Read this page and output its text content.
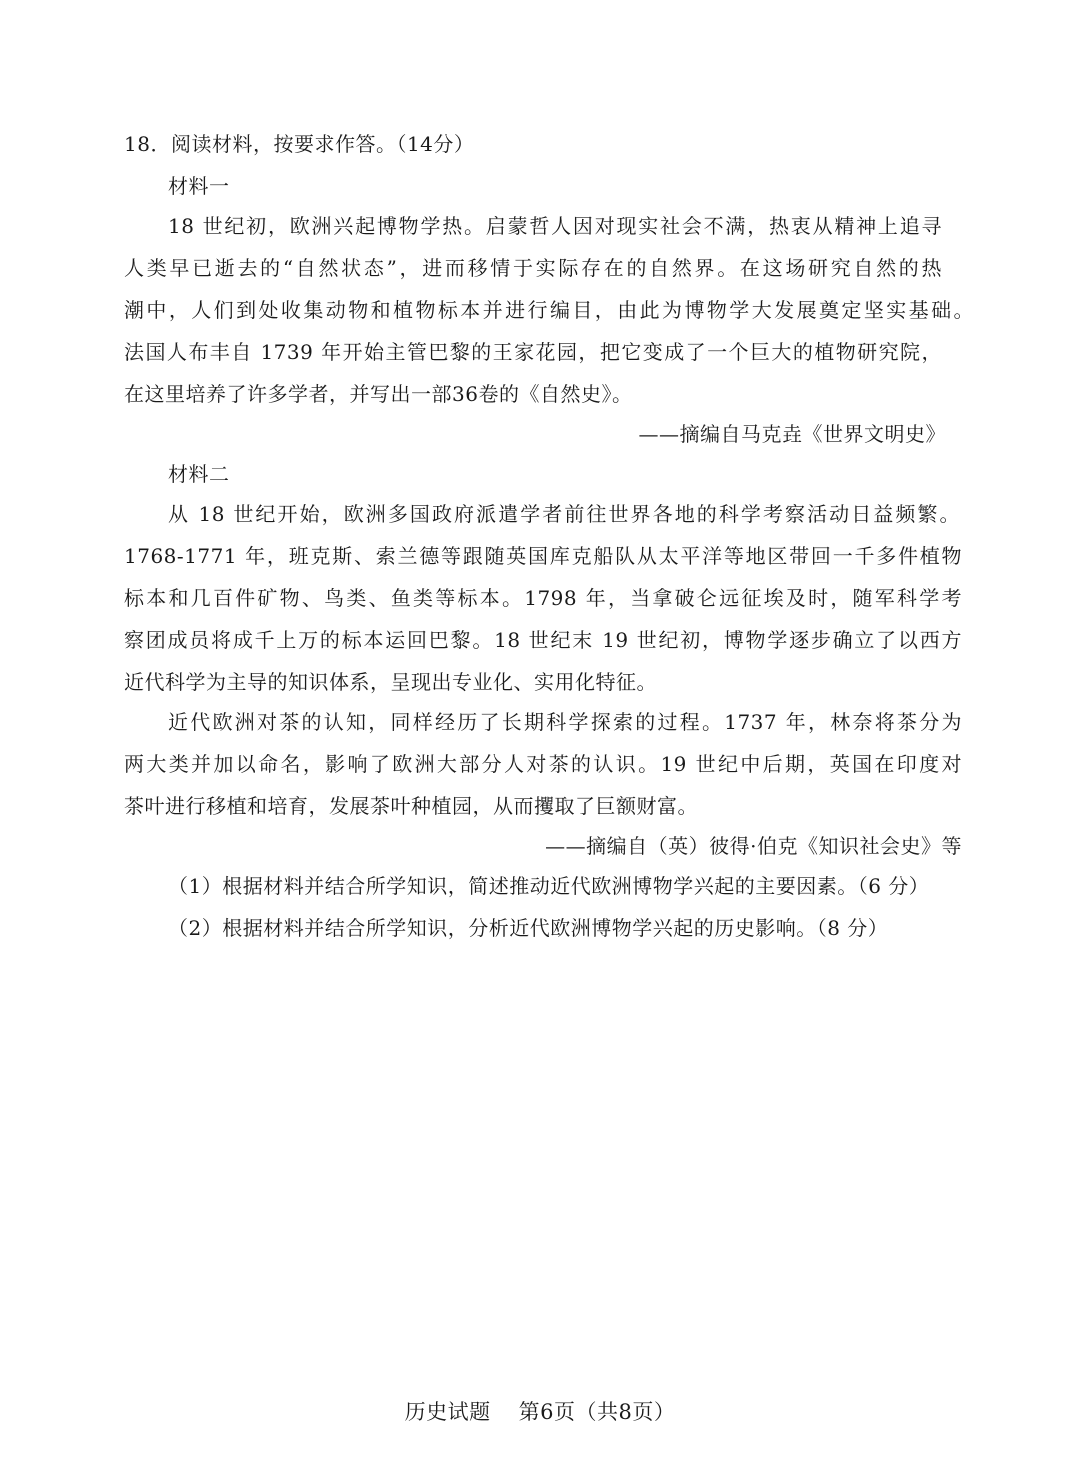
18．阅读材料，按要求作答。（14分）
材料一
18 世纪初，欧洲兴起博物学热。启蒙哲人因对现实社会不满，热衷从精神上追寻
人类早已逝去的“自然状态”，进而移情于实际存在的自然界。在这场研究自然的热
潮中，人们到处收集动物和植物标本并进行编目，由此为博物学大发展奠定坚实基础。
法国人布丰自 1739 年开始主管巴黎的王家花园，把它变成了一个巨大的植物研究院，
在这里培养了许多学者，并写出一部36卷的《自然史》。
——摘编自马克垚《世界文明史》
材料二
从 18 世纪开始，欧洲多国政府派遣学者前往世界各地的科学考察活动日益频繁。
1768-1771 年，班克斯、索兰德等跟随英国库克船队从太平洋等地区带回一千多件植物
标本和几百件矿物、鸟类、鱼类等标本。1798 年，当拿破仑远征埃及时，随军科学考
察团成员将成千上万的标本运回巴黎。18 世纪末 19 世纪初，博物学逐步确立了以西方
近代科学为主导的知识体系，呈现出专业化、实用化特征。
近代欧洲对茶的认知，同样经历了长期科学探索的过程。1737 年，林奈将茶分为
两大类并加以命名，影响了欧洲大部分人对茶的认识。19 世纪中后期，英国在印度对
茶叶进行移植和培育，发展茶叶种植园，从而攫取了巨额财富。
——摘编自（英）彼得·伯克《知识社会史》等
（1）根据材料并结合所学知识，简述推动近代欧洲博物学兴起的主要因素。（6 分）
（2）根据材料并结合所学知识，分析近代欧洲博物学兴起的历史影响。（8 分）
历史试题 第6页（共8页）
